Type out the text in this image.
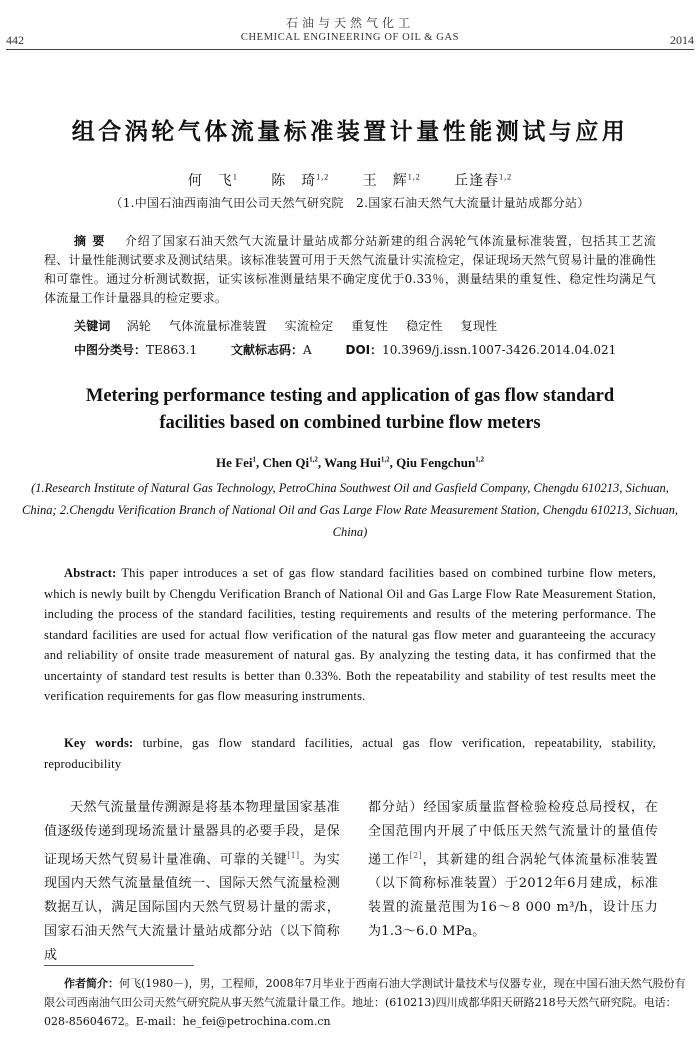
442
石油与天然气化工
CHEMICAL ENGINEERING OF OIL & GAS	2014
组合涡轮气体流量标准装置计量性能测试与应用
何　飞$^1$ 陈　琦$^{1,2}$ 王　辉$^{1,2}$ 丘逢春$^{1,2}$
（1.中国石油西南油气田公司天然气研究院　2.国家石油天然气大流量计量站成都分站）
摘要 介绍了国家石油天然气大流量计量站成都分站新建的组合涡轮气体流量标准装置，包括其工艺流程、计量性能测试要求及测试结果。该标准装置可用于天然气流量计实流检定，保证现场天然气贸易计量的准确性和可靠性。通过分析测试数据，证实该标准测量结果不确定度优于0.33％，测量结果的重复性、稳定性均满足气体流量工作计量器具的检定要求。
关键词 涡轮 气体流量标准装置 实流检定 重复性 稳定性 复现性
中图分类号：TE863.1	文献标志码：A	DOI：10.3969/j.issn.1007-3426.2014.04.021
Metering performance testing and application of gas flow standard facilities based on combined turbine flow meters
He Fei$^1$, Chen Qi$^{1,2}$, Wang Hui$^{1,2}$, Qiu Fengchun$^{1,2}$
(1.Research Institute of Natural Gas Technology, PetroChina Southwest Oil and Gasfield Company, Chengdu 610213, Sichuan, China; 2.Chengdu Verification Branch of National Oil and Gas Large Flow Rate Measurement Station, Chengdu 610213, Sichuan, China)
Abstract: This paper introduces a set of gas flow standard facilities based on combined turbine flow meters, which is newly built by Chengdu Verification Branch of National Oil and Gas Large Flow Rate Measurement Station, including the process of the standard facilities, testing requirements and results of the metering performance. The standard facilities are used for actual flow verification of the natural gas flow meter and guaranteeing the accuracy and reliability of onsite trade measurement of natural gas. By analyzing the testing data, it has confirmed that the uncertainty of standard test results is better than 0.33%. Both the repeatability and stability of test results meet the verification requirements for gas flow measuring instruments.
Key words: turbine, gas flow standard facilities, actual gas flow verification, repeatability, stability, reproducibility

天然气流量量传溯源是将基本物理量国家基准值逐级传递到现场流量计量器具的必要手段，是保证现场天然气贸易计量准确、可靠的关键[1]。为实现国内天然气流量量值统一、国际天然气流量检测数据互认，满足国际国内天然气贸易计量的需求，国家石油天然气大流量计量站成都分站（以下简称成

都分站）经国家质量监督检验检疫总局授权，在全国范围内开展了中低压天然气流量计的量值传递工作[2]，其新建的组合涡轮气体流量标准装置（以下简称标准装置）于2012年6月建成，标准装置的流量范围为16～8 000 m³/h，设计压力为1.3～6.0 MPa。

作者简介：何飞(1980－)，男，工程师，2008年7月毕业于西南石油大学测试计量技术与仪器专业，现在中国石油天然气股份有限公司西南油气田公司天然气研究院从事天然气流量计量工作。地址：(610213)四川成都华阳天研路218号天然气研究院。电话：028-85604672。E-mail：he_fei@petrochina.com.cn
